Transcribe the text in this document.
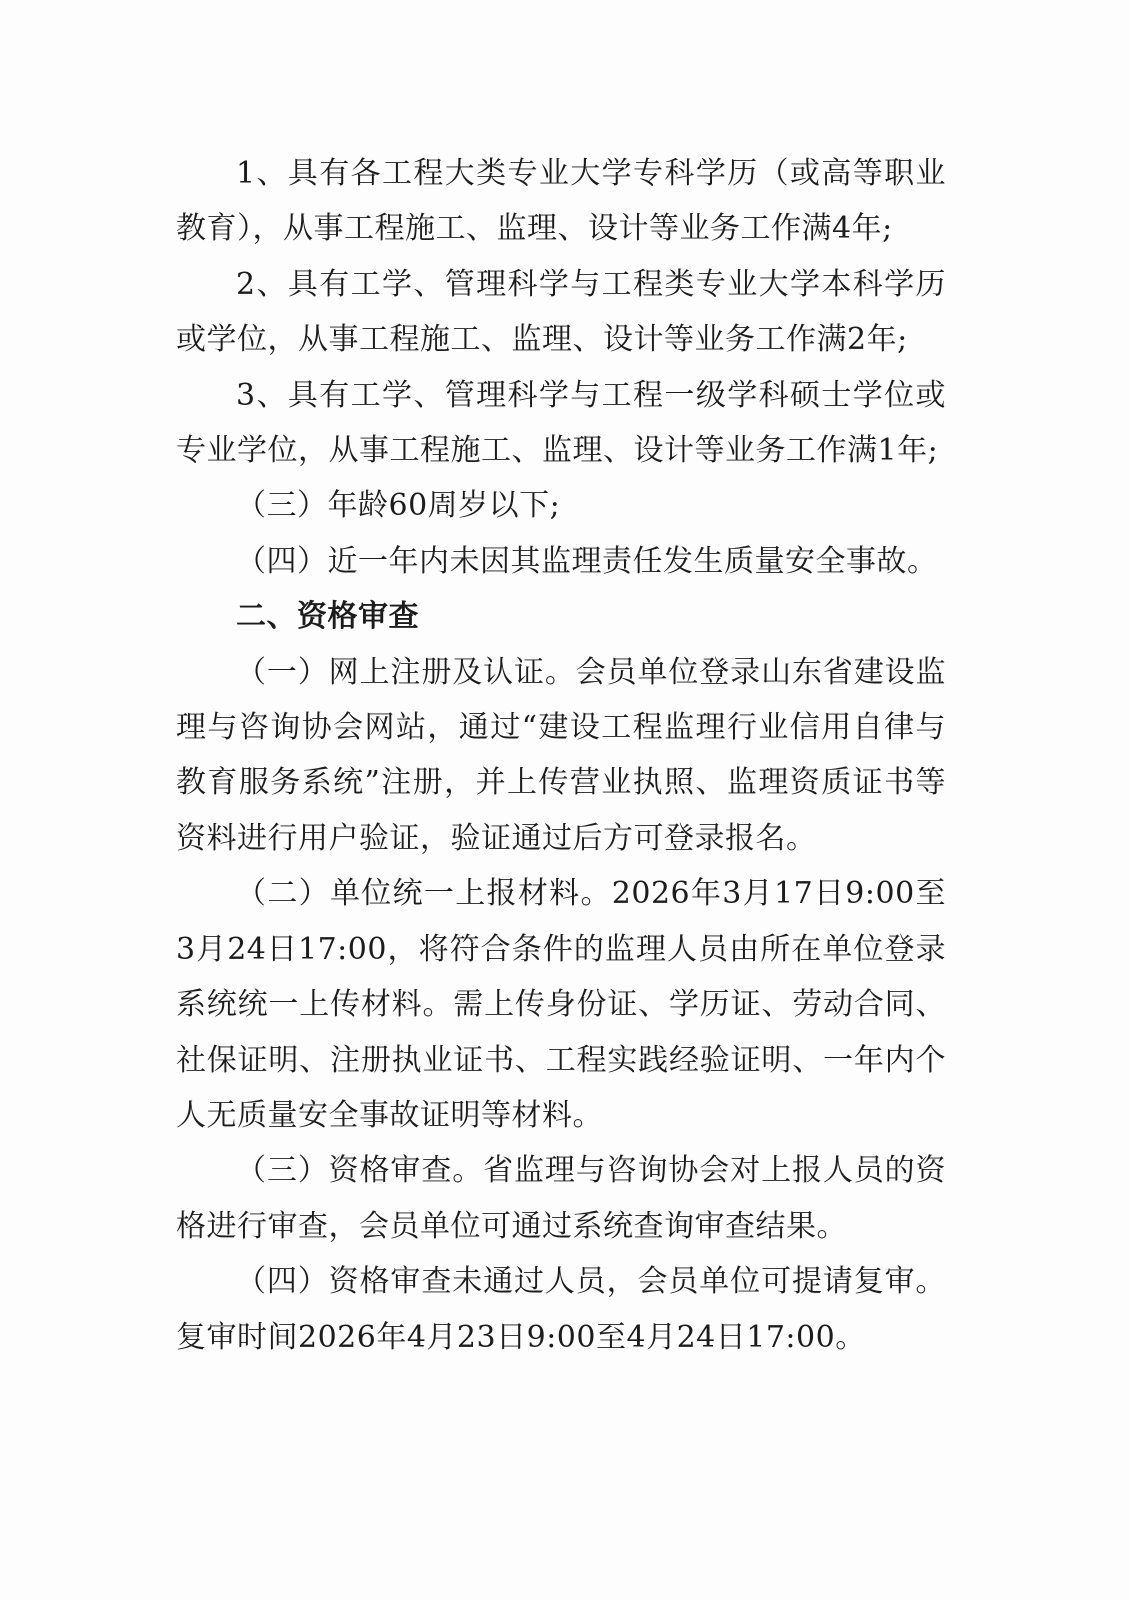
1、具有各工程大类专业大学专科学历（或高等职业教育），从事工程施工、监理、设计等业务工作满4年;

2、具有工学、管理科学与工程类专业大学本科学历或学位，从事工程施工、监理、设计等业务工作满2年;

3、具有工学、管理科学与工程一级学科硕士学位或专业学位，从事工程施工、监理、设计等业务工作满1年;

（三）年龄60周岁以下;

（四）近一年内未因其监理责任发生质量安全事故。

二、资格审查

（一）网上注册及认证。会员单位登录山东省建设监理与咨询协会网站，通过“建设工程监理行业信用自律与教育服务系统”注册，并上传营业执照、监理资质证书等资料进行用户验证，验证通过后方可登录报名。

（二）单位统一上报材料。2026年3月17日9:00至3月24日17:00，将符合条件的监理人员由所在单位登录系统统一上传材料。需上传身份证、学历证、劳动合同、社保证明、注册执业证书、工程实践经验证明、一年内个人无质量安全事故证明等材料。

（三）资格审查。省监理与咨询协会对上报人员的资格进行审查，会员单位可通过系统查询审查结果。

（四）资格审查未通过人员，会员单位可提请复审。复审时间2026年4月23日9:00至4月24日17:00。
